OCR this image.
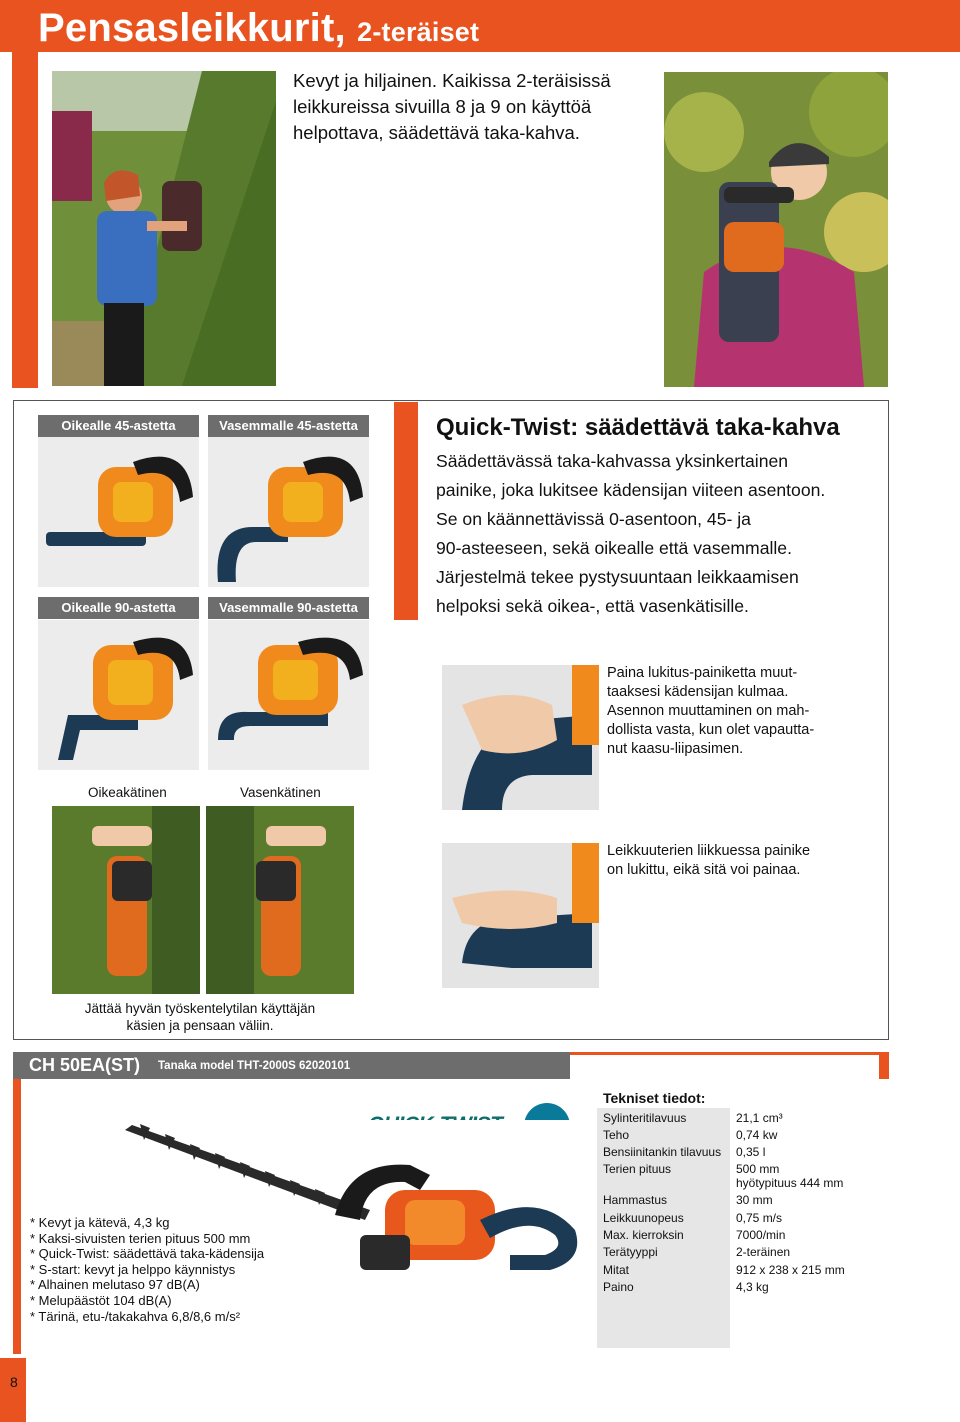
Pensasleikkurit, 2-teräiset
Kevyt ja hiljainen. Kaikissa 2-teräisissä leikkureissa sivuilla 8 ja 9 on käyttöä helpottava, säädettävä taka-kahva.
Oikealle 45-astetta	Vasemmalle 45-astetta
Oikealle 90-astetta	Vasemmalle 90-astetta
Quick-Twist: säädettävä taka-kahva
Säädettävässä taka-kahvassa yksinkertainen
painike, joka lukitsee kädensijan viiteen asentoon.
Se on käännettävissä 0-asentoon, 45- ja
90-asteeseen, sekä oikealle että vasemmalle.
Järjestelmä tekee pystysuuntaan leikkaamisen
helpoksi sekä oikea-, että vasenkätisille.
Paina lukitus-painiketta muut-
taaksesi kädensijan kulmaa.
Asennon muuttaminen on mah-
dollista vasta, kun olet vapautta-
nut kaasu-liipasimen.
Leikkuuterien liikkuessa painike
on lukittu, eikä sitä voi painaa.
Oikeakätinen	Vasenkätinen
Jättää hyvän työskentelytilan käyttäjän
käsien ja pensaan väliin.
CH 50EA(ST) Tanaka model THT-2000S 62020101
* Kevyt ja kätevä, 4,3 kg
* Kaksi-sivuisten terien pituus 500 mm
* Quick-Twist: säädettävä taka-kädensija
* S-start: kevyt ja helppo käynnistys
* Alhainen melutaso 97 dB(A)
* Melupäästöt 104 dB(A)
* Tärinä, etu-/takakahva 6,8/8,6 m/s²
Tekniset tiedot:
Sylinteritilavuus	21,1 cm³
Teho	0,74 kw
Bensiinitankin tilavuus 0,35 l
Terien pituus	500 mm
hyötypituus 444 mm
Hammastus	30 mm
Leikkuunopeus	0,75 m/s
Max. kierroksin	7000/min
Terätyyppi	2-teräinen
Mitat	912 x 238 x 215 mm
Paino	4,3 kg
8
